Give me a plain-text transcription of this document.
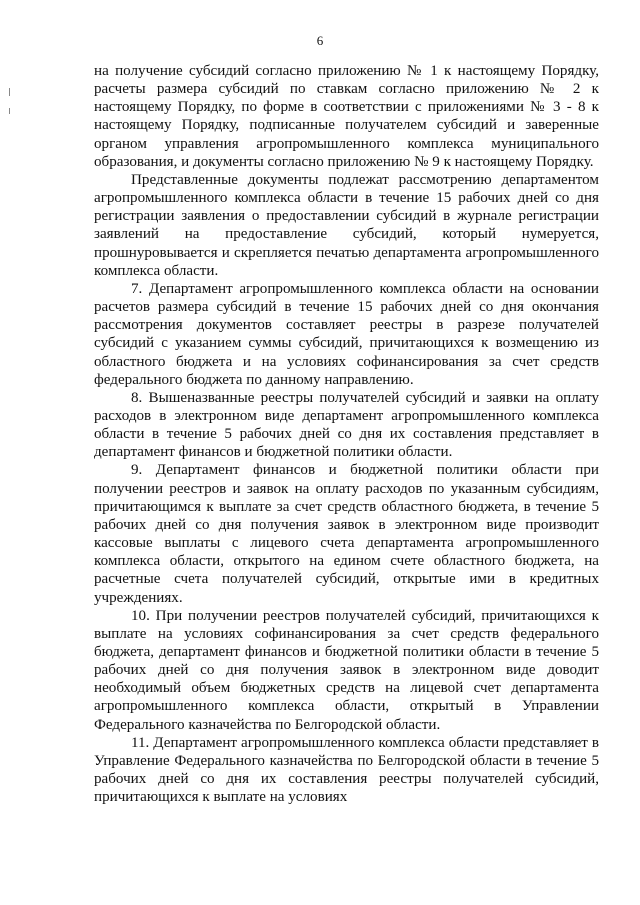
6

на получение субсидий согласно приложению № 1 к настоящему Порядку, расчеты размера субсидий по ставкам согласно приложению № 2 к настоящему Порядку, по форме в соответствии с приложениями № 3 - 8 к настоящему Порядку, подписанные получателем субсидий и заверенные органом управления агропромышленного комплекса муниципального образования, и документы согласно приложению № 9 к настоящему Порядку.

Представленные документы подлежат рассмотрению департаментом агропромышленного комплекса области в течение 15 рабочих дней со дня регистрации заявления о предоставлении субсидий в журнале регистрации заявлений на предоставление субсидий, который нумеруется, прошнуровывается и скрепляется печатью департамента агропромышленного комплекса области.

7. Департамент агропромышленного комплекса области на основании расчетов размера субсидий в течение 15 рабочих дней со дня окончания рассмотрения документов составляет реестры в разрезе получателей субсидий с указанием суммы субсидий, причитающихся к возмещению из областного бюджета и на условиях софинансирования за счет средств федерального бюджета по данному направлению.

8. Вышеназванные реестры получателей субсидий и заявки на оплату расходов в электронном виде департамент агропромышленного комплекса области в течение 5 рабочих дней со дня их составления представляет в департамент финансов и бюджетной политики области.

9. Департамент финансов и бюджетной политики области при получении реестров и заявок на оплату расходов по указанным субсидиям, причитающимся к выплате за счет средств областного бюджета, в течение 5 рабочих дней со дня получения заявок в электронном виде производит кассовые выплаты с лицевого счета департамента агропромышленного комплекса области, открытого на едином счете областного бюджета, на расчетные счета получателей субсидий, открытые ими в кредитных учреждениях.

10. При получении реестров получателей субсидий, причитающихся к выплате на условиях софинансирования за счет средств федерального бюджета, департамент финансов и бюджетной политики области в течение 5 рабочих дней со дня получения заявок в электронном виде доводит необходимый объем бюджетных средств на лицевой счет департамента агропромышленного комплекса области, открытый в Управлении Федерального казначейства по Белгородской области.

11. Департамент агропромышленного комплекса области представляет в Управление Федерального казначейства по Белгородской области в течение 5 рабочих дней со дня их составления реестры получателей субсидий, причитающихся к выплате на условиях
